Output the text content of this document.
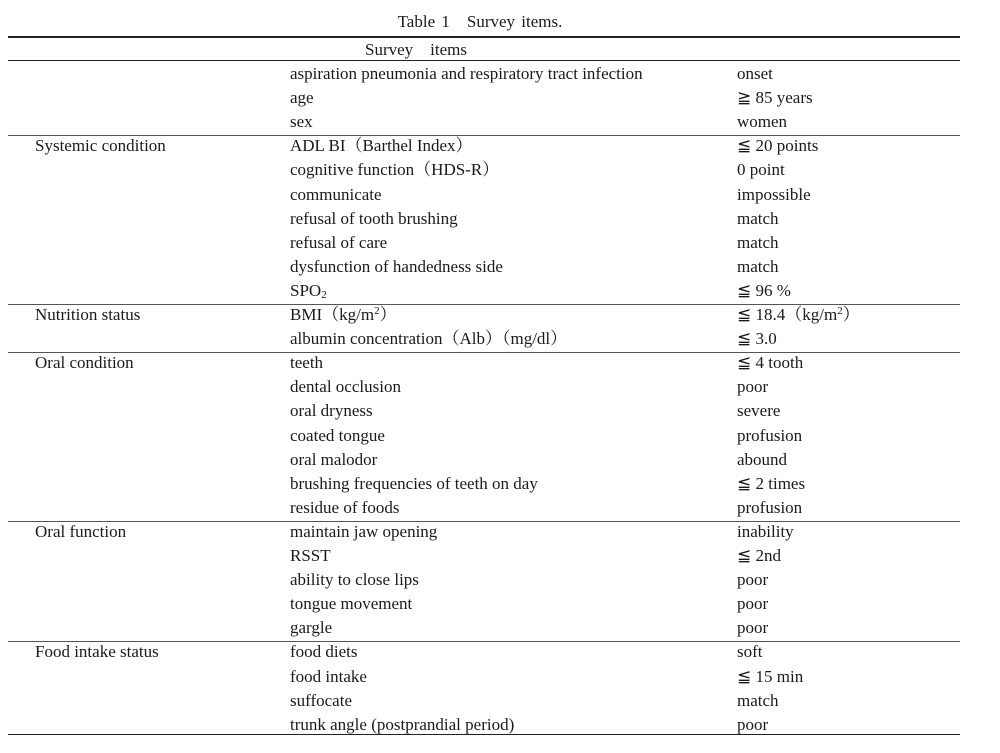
Table 1　Survey items.
Survey　items
aspiration pneumonia and respiratory tract infection	onset
age	≧ 85 years
sex	women
Systemic condition	ADL BI（Barthel Index）	≦ 20 points
cognitive function（HDS-R）	0 point
communicate	impossible
refusal of tooth brushing	match
refusal of care	match
dysfunction of handedness side	match
$SPO_2$	≦ 96 %
Nutrition status	$BMI(kg/m^2)$	≦ $18.4(kg/m^2)$
albumin concentration（Alb）（mg/dl）	≦ 3.0
Oral condition	teeth	≦ 4 tooth
dental occlusion	poor
oral dryness	severe
coated tongue	profusion
oral malodor	abound
brushing frequencies of teeth on day	≦ 2 times
residue of foods	profusion
Oral function	maintain jaw opening	inability
RSST	≦ 2nd
ability to close lips	poor
tongue movement	poor
gargle	poor
Food intake status	food diets	soft
food intake	≦ 15 min
suffocate	match
trunk angle (postprandial period)	poor
